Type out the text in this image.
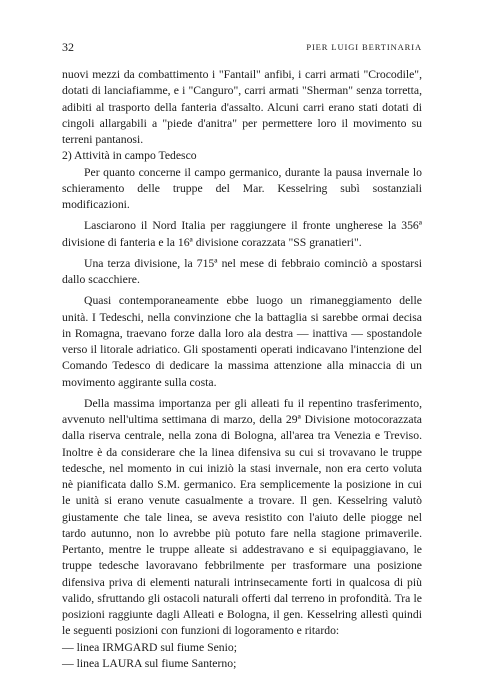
32	PIER LUIGI BERTINARIA

nuovi mezzi da combattimento i "Fantail" anfibi, i carri armati "Crocodile", dotati di lanciafiamme, e i "Canguro", carri armati "Sherman" senza torretta, adibiti al trasporto della fanteria d'assalto. Alcuni carri erano stati dotati di cingoli allargabili a "piede d'anitra" per permettere loro il movimento su terreni pantanosi.

2) Attività in campo Tedesco

Per quanto concerne il campo germanico, durante la pausa invernale lo schieramento delle truppe del Mar. Kesselring subì sostanziali modificazioni.

Lasciarono il Nord Italia per raggiungere il fronte ungherese la 356ª divisione di fanteria e la 16ª divisione corazzata "SS granatieri".

Una terza divisione, la 715ª nel mese di febbraio cominciò a spostarsi dallo scacchiere.

Quasi contemporaneamente ebbe luogo un rimaneggiamento delle unità. I Tedeschi, nella convinzione che la battaglia si sarebbe ormai decisa in Romagna, traevano forze dalla loro ala destra — inattiva — spostandole verso il litorale adriatico. Gli spostamenti operati indicavano l'intenzione del Comando Tedesco di dedicare la massima attenzione alla minaccia di un movimento aggirante sulla costa.

Della massima importanza per gli alleati fu il repentino trasferimento, avvenuto nell'ultima settimana di marzo, della 29ª Divisione motocorazzata dalla riserva centrale, nella zona di Bologna, all'area tra Venezia e Treviso. Inoltre è da considerare che la linea difensiva su cui si trovavano le truppe tedesche, nel momento in cui iniziò la stasi invernale, non era certo voluta nè pianificata dallo S.M. germanico. Era semplicemente la posizione in cui le unità si erano venute casualmente a trovare. Il gen. Kesselring valutò giustamente che tale linea, se aveva resistito con l'aiuto delle piogge nel tardo autunno, non lo avrebbe più potuto fare nella stagione primaverile. Pertanto, mentre le truppe alleate si addestravano e si equipaggiavano, le truppe tedesche lavoravano febbrilmente per trasformare una posizione difensiva priva di elementi naturali intrinsecamente forti in qualcosa di più valido, sfruttando gli ostacoli naturali offerti dal terreno in profondità. Tra le posizioni raggiunte dagli Alleati e Bologna, il gen. Kesselring allestì quindi le seguenti posizioni con funzioni di logoramento e ritardo:

— linea IRMGARD sul fiume Senio;

— linea LAURA sul fiume Santerno;
